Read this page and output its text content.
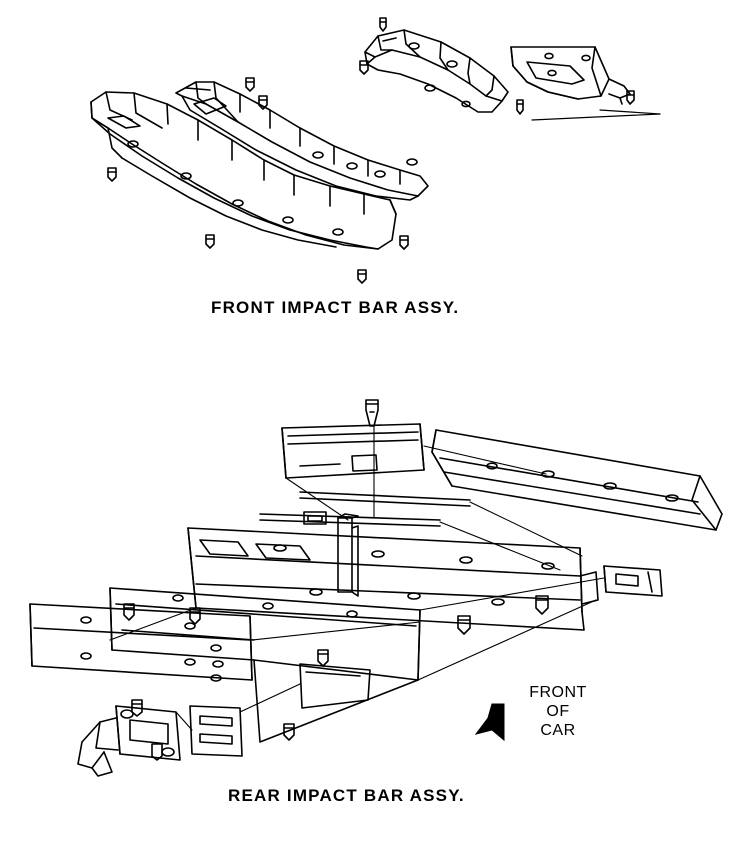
FRONT
OF
CAR
FRONT IMPACT BAR ASSY.
REAR IMPACT BAR ASSY.
